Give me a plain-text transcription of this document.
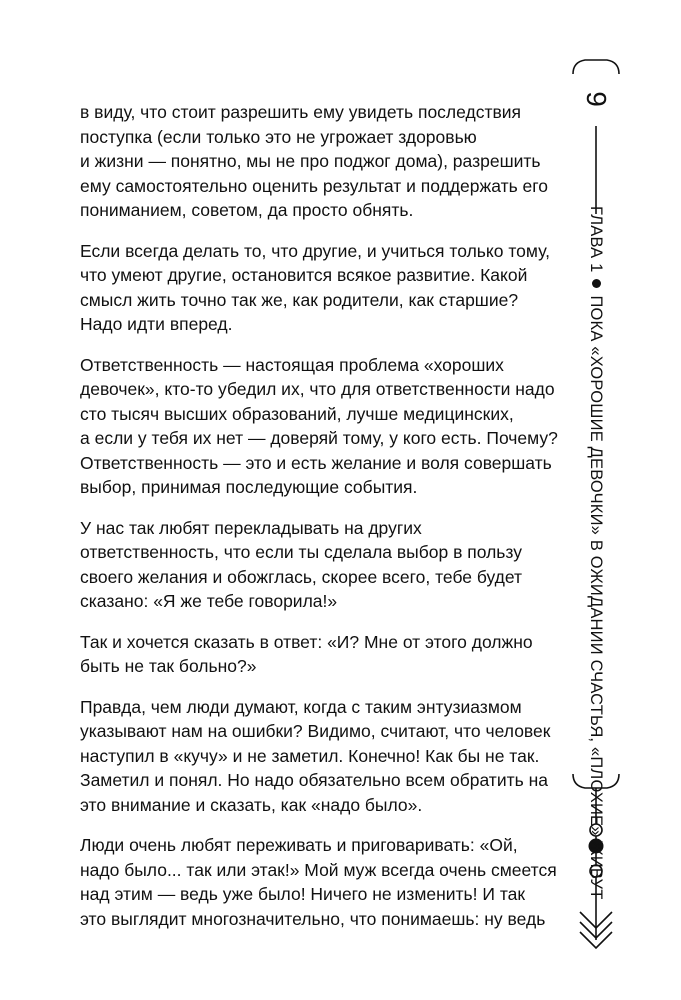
в виду, что стоит разрешить ему увидеть последствия
поступка (если только это не угрожает здоровью
и жизни — понятно, мы не про поджог дома), разрешить
ему самостоятельно оценить результат и поддержать его
пониманием, советом, да просто обнять.

Если всегда делать то, что другие, и учиться только тому,
что умеют другие, остановится всякое развитие. Какой
смысл жить точно так же, как родители, как старшие?
Надо идти вперед.

Ответственность — настоящая проблема «хороших
девочек», кто-то убедил их, что для ответственности надо
сто тысяч высших образований, лучше медицинских,
а если у тебя их нет — доверяй тому, у кого есть. Почему?
Ответственность — это и есть желание и воля совершать
выбор, принимая последующие события.

У нас так любят перекладывать на других
ответственность, что если ты сделала выбор в пользу
своего желания и обожглась, скорее всего, тебе будет
сказано: «Я же тебе говорила!»

Так и хочется сказать в ответ: «И? Мне от этого должно
быть не так больно?»

Правда, чем люди думают, когда с таким энтузиазмом
указывают нам на ошибки? Видимо, считают, что человек
наступил в «кучу» и не заметил. Конечно! Как бы не так.
Заметил и понял. Но надо обязательно всем обратить на
это внимание и сказать, как «надо было».

Люди очень любят переживать и приговаривать: «Ой,
надо было... так или этак!» Мой муж всегда очень смеется
над этим — ведь уже было! Ничего не изменить! И так
это выглядит многозначительно, что понимаешь: ну ведь

9
ГЛАВА 1ПОКА «ХОРОШИЕ ДЕВОЧКИ» В ОЖИДАНИИ СЧАСТЬЯ, «ПЛОХИЕ» ЖИВУТ
